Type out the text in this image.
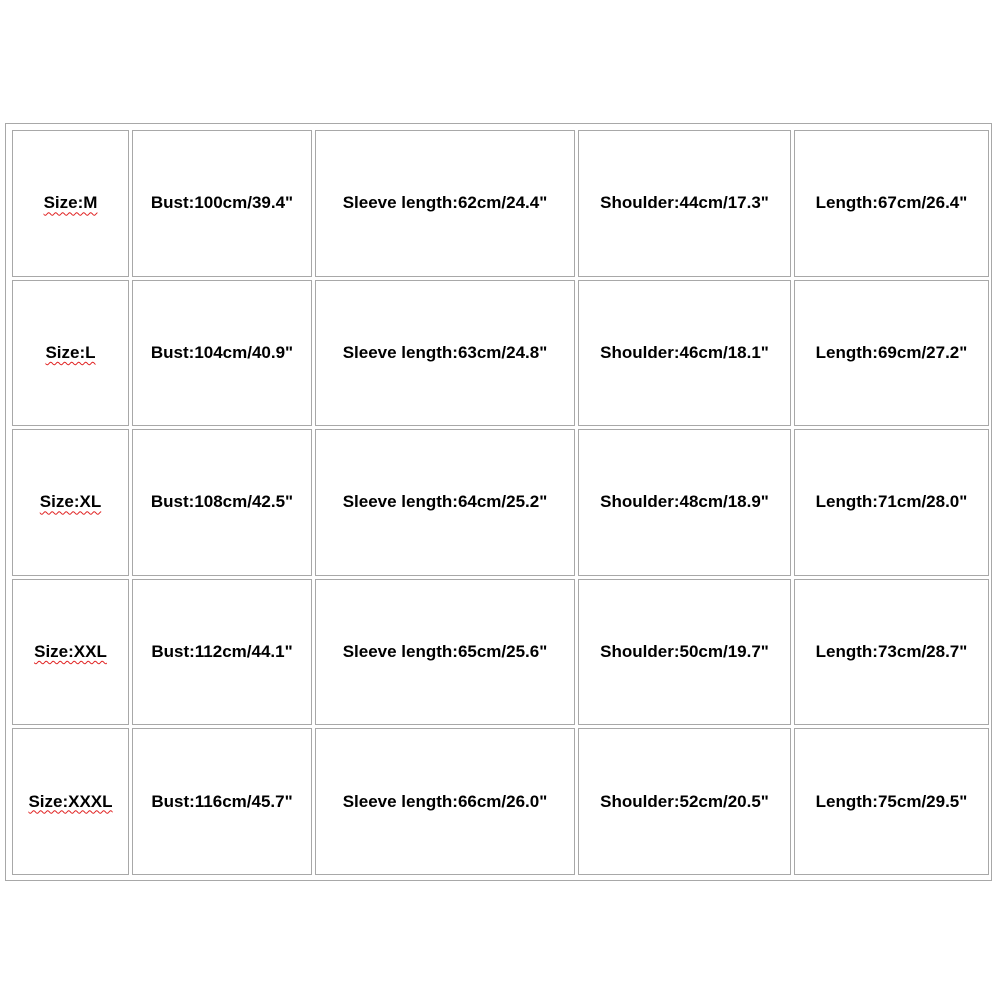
Size:M	Bust:100cm/39.4"	Sleeve length:62cm/24.4"	Shoulder:44cm/17.3"	Length:67cm/26.4"
Size:L	Bust:104cm/40.9"	Sleeve length:63cm/24.8"	Shoulder:46cm/18.1"	Length:69cm/27.2"
Size:XL	Bust:108cm/42.5"	Sleeve length:64cm/25.2"	Shoulder:48cm/18.9"	Length:71cm/28.0"
Size:XXL	Bust:112cm/44.1"	Sleeve length:65cm/25.6"	Shoulder:50cm/19.7"	Length:73cm/28.7"
Size:XXXL	Bust:116cm/45.7"	Sleeve length:66cm/26.0"	Shoulder:52cm/20.5"	Length:75cm/29.5"
